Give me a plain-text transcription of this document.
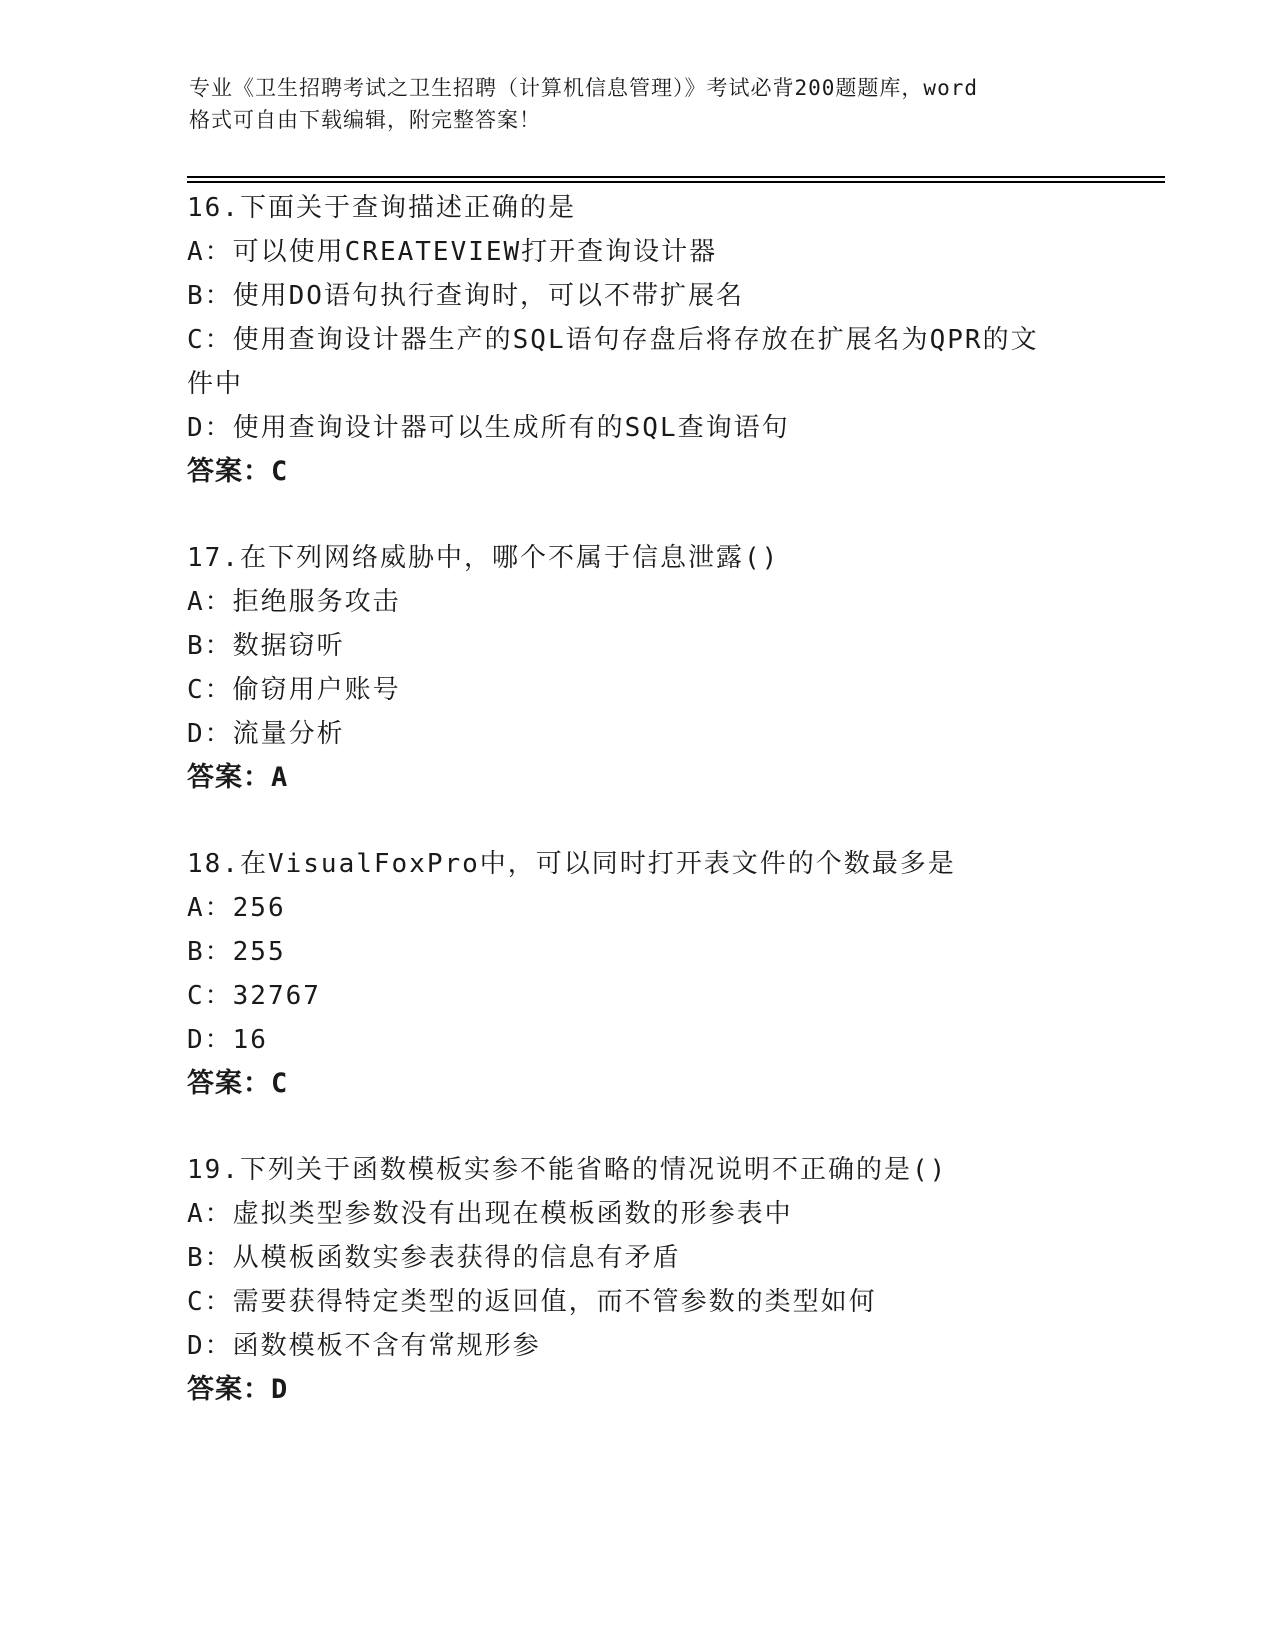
专业《卫生招聘考试之卫生招聘（计算机信息管理）》考试必背200题题库，word
格式可自由下载编辑，附完整答案！
16.下面关于查询描述正确的是
A：可以使用CREATEVIEW打开查询设计器
B：使用DO语句执行查询时，可以不带扩展名
C：使用查询设计器生产的SQL语句存盘后将存放在扩展名为QPR的文
件中
D：使用查询设计器可以生成所有的SQL查询语句
答案：C
17.在下列网络威胁中，哪个不属于信息泄露()
A：拒绝服务攻击
B：数据窃听
C：偷窃用户账号
D：流量分析
答案：A
18.在VisualFoxPro中，可以同时打开表文件的个数最多是
A：256
B：255
C：32767
D：16
答案：C
19.下列关于函数模板实参不能省略的情况说明不正确的是()
A：虚拟类型参数没有出现在模板函数的形参表中
B：从模板函数实参表获得的信息有矛盾
C：需要获得特定类型的返回值，而不管参数的类型如何
D：函数模板不含有常规形参
答案：D
